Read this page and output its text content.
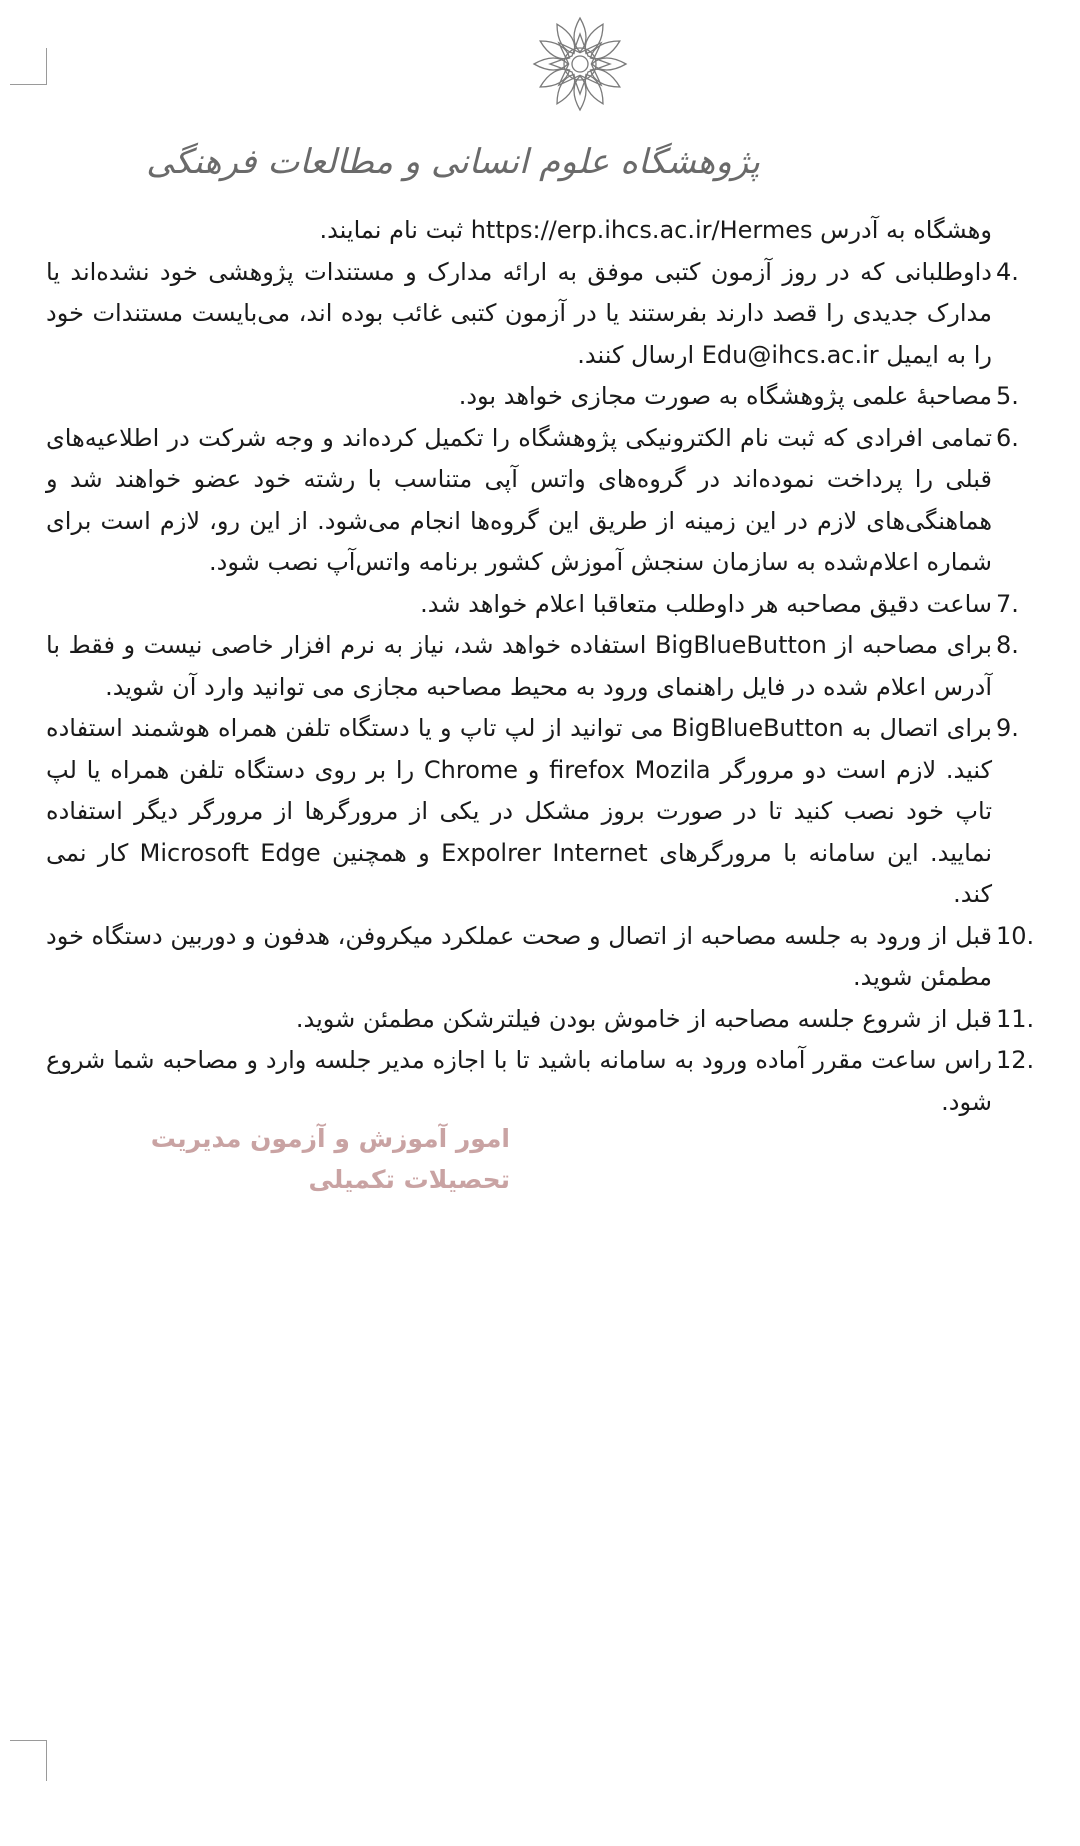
پژوهشگاه علوم انسانی و مطالعات فرهنگی

وهشگاه به آدرس https://erp.ihcs.ac.ir/Hermes ثبت نام نمایند.

4.

داوطلبانی که در روز آزمون کتبی موفق به ارائه مدارک و مستندات پژوهشی خود نشده‌اند یا مدارک جدیدی را قصد دارند بفرستند یا در آزمون کتبی غائب بوده اند، می‌بایست مستندات خود را به ایمیل Edu@ihcs.ac.ir ارسال کنند.

5.

مصاحبهٔ علمی پژوهشگاه به صورت مجازی خواهد بود.

6.

تمامی افرادی که ثبت نام الکترونیکی پژوهشگاه را تکمیل کرده‌اند و وجه شرکت در اطلاعیه‌های قبلی را پرداخت نموده‌اند در گروه‌های واتس آپی متناسب با رشته خود عضو خواهند شد و هماهنگی‌های لازم در این زمینه از طریق این گروه‌ها انجام می‌شود. از این رو، لازم است برای شماره اعلام‌شده به سازمان سنجش آموزش کشور برنامه واتس‌آپ نصب شود.

7.

ساعت دقیق مصاحبه هر داوطلب متعاقبا اعلام خواهد شد.

8.

برای مصاحبه از BigBlueButton استفاده خواهد شد، نیاز به نرم افزار خاصی نیست و فقط با آدرس اعلام شده در فایل راهنمای ورود به محیط مصاحبه مجازی می توانید وارد آن شوید.

9.

برای اتصال به BigBlueButton می توانید از لپ تاپ و یا دستگاه تلفن همراه هوشمند استفاده کنید. لازم است دو مرورگر firefox Mozila و Chrome را بر روی دستگاه تلفن همراه یا لپ تاپ خود نصب کنید تا در صورت بروز مشکل در یکی از مرورگرها از مرورگر دیگر استفاده نمایید. این سامانه با مرورگرهای Expolrer Internet و همچنین Microsoft Edge کار نمی کند.

10.

قبل از ورود به جلسه مصاحبه از اتصال و صحت عملکرد میکروفن، هدفون و دوربین دستگاه خود مطمئن شوید.

11.

قبل از شروع جلسه مصاحبه از خاموش بودن فیلترشکن مطمئن شوید.

12.

راس ساعت مقرر آماده ورود به سامانه باشید تا با اجازه مدیر جلسه وارد و مصاحبه شما شروع شود.

امور آموزش و آزمون مدیریت تحصیلات تکمیلی
